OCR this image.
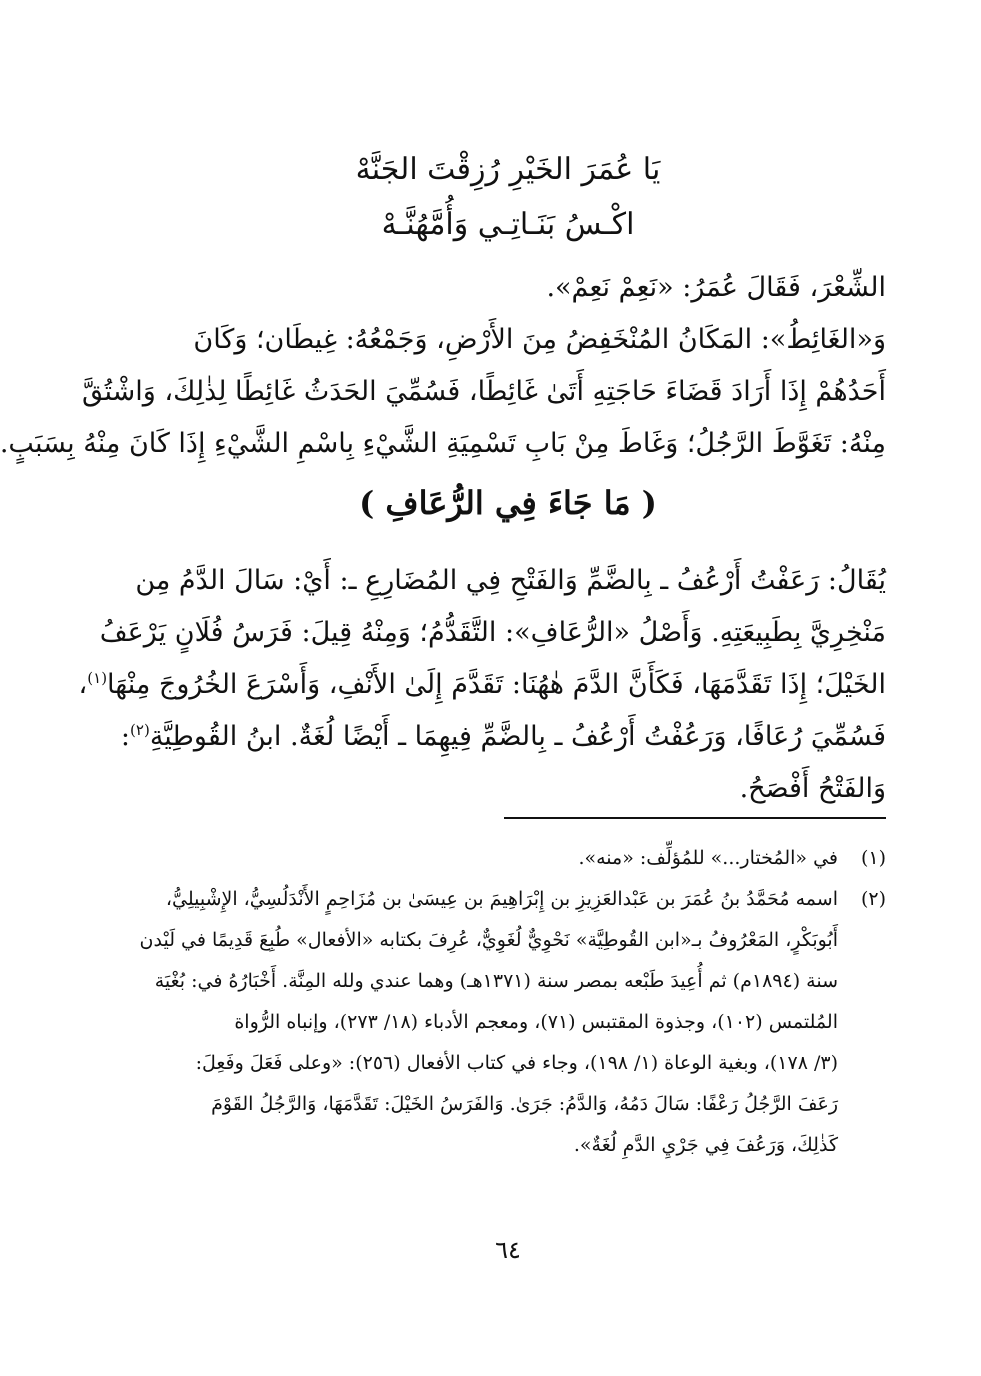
يَا عُمَرَ الخَيْرِ رُزِقْتَ الجَنَّهْ
اكْـسُ بَنَـاتِـي وَأُمَّهُنَّـهْ
الشِّعْرَ، فَقَالَ عُمَرُ: «نَعِمْ نَعِمْ».
وَ«الغَائِطُ»: المَكَانُ المُنْخَفِضُ مِنَ الأَرْضِ، وَجَمْعُهُ: غِيطَان؛ وَكَانَ
أَحَدُهُمْ إِذَا أَرَادَ قَضَاءَ حَاجَتِهِ أَتَىٰ غَائِطًا، فَسُمِّيَ الحَدَثُ غَائِطًا لِذٰلِكَ، وَاشْتُقَّ
مِنْهُ: تَغَوَّطَ الرَّجُلُ؛ وَغَاطَ مِنْ بَابِ تَسْمِيَةِ الشَّيْءِ بِاسْمِ الشَّيْءِ إِذَا كَانَ مِنْهُ بِسَبَبٍ.
( مَا جَاءَ فِي الرُّعَافِ )
يُقَالُ: رَعَفْتُ أَرْعُفُ ـ بِالضَّمِّ وَالفَتْحِ فِي المُضَارِعِ ـ: أَيْ: سَالَ الدَّمُ مِن
مَنْخِرِيَّ بِطَبِيعَتِهِ. وَأَصْلُ «الرُّعَافِ»: التَّقَدُّمُ؛ وَمِنْهُ قِيلَ: فَرَسُ فُلَانٍ يَرْعَفُ
الخَيْلَ؛ إِذَا تَقَدَّمَهَا، فَكَأَنَّ الدَّمَ هٰهُنَا: تَقَدَّمَ إِلَىٰ الأَنْفِ، وَأَسْرَعَ الخُرُوجَ مِنْهَا$^{(١)}$،
فَسُمِّيَ رُعَافًا، وَرَعُفْتُ أَرْعُفُ ـ بِالضَّمِّ فِيهِمَا ـ أَيْضًا لُغَةٌ. ابنُ القُوطِيَّةِ$^{(٢)}$:
وَالفَتْحُ أَفْصَحُ.
(١)
في «المُختار...» للمُؤلِّف: «منه».
(٢)
اسمه مُحَمَّدُ بنُ عُمَرَ بن عَبْدالعَزِيزِ بن إِبْرَاهِيمَ بن عِيسَىٰ بن مُزَاحِمٍ الأَنْدَلُسِيُّ، الإِشْبِيلِيُّ،
أَبُوبَكْرٍ، المَعْرُوفُ بـ«ابن القُوطِيَّة» نَحْوِيٌّ لُغَوِيٌّ، عُرِفَ بكتابه «الأفعال» طُبِعَ قَدِيمًا في لَيْدن
سنة (١٨٩٤م) ثم أُعِيدَ طَبْعه بمصر سنة (١٣٧١هـ) وهما عندي ولله المِنَّة. أَخْبَارُهُ في: بُغْيَة
المُلتمس (١٠٢)، وجذوة المقتبس (٧١)، ومعجم الأدباء (١٨/ ٢٧٣)، وإنباه الرُّواة
(٣/ ١٧٨)، وبغية الوعاة (١/ ١٩٨)، وجاء في كتاب الأفعال (٢٥٦): «وعلى فَعَلَ وفَعِلَ:
رَعَفَ الرَّجُلُ رَعْفًا: سَالَ دَمُهُ، وَالدَّمُ: جَرَىٰ. وَالفَرَسُ الخَيْلَ: تَقَدَّمَهَا، وَالرَّجُلُ القَوْمَ
كَذٰلِكَ، وَرَعُفَ فِي جَرْيِ الدَّمِ لُغَةٌ».
٦٤
